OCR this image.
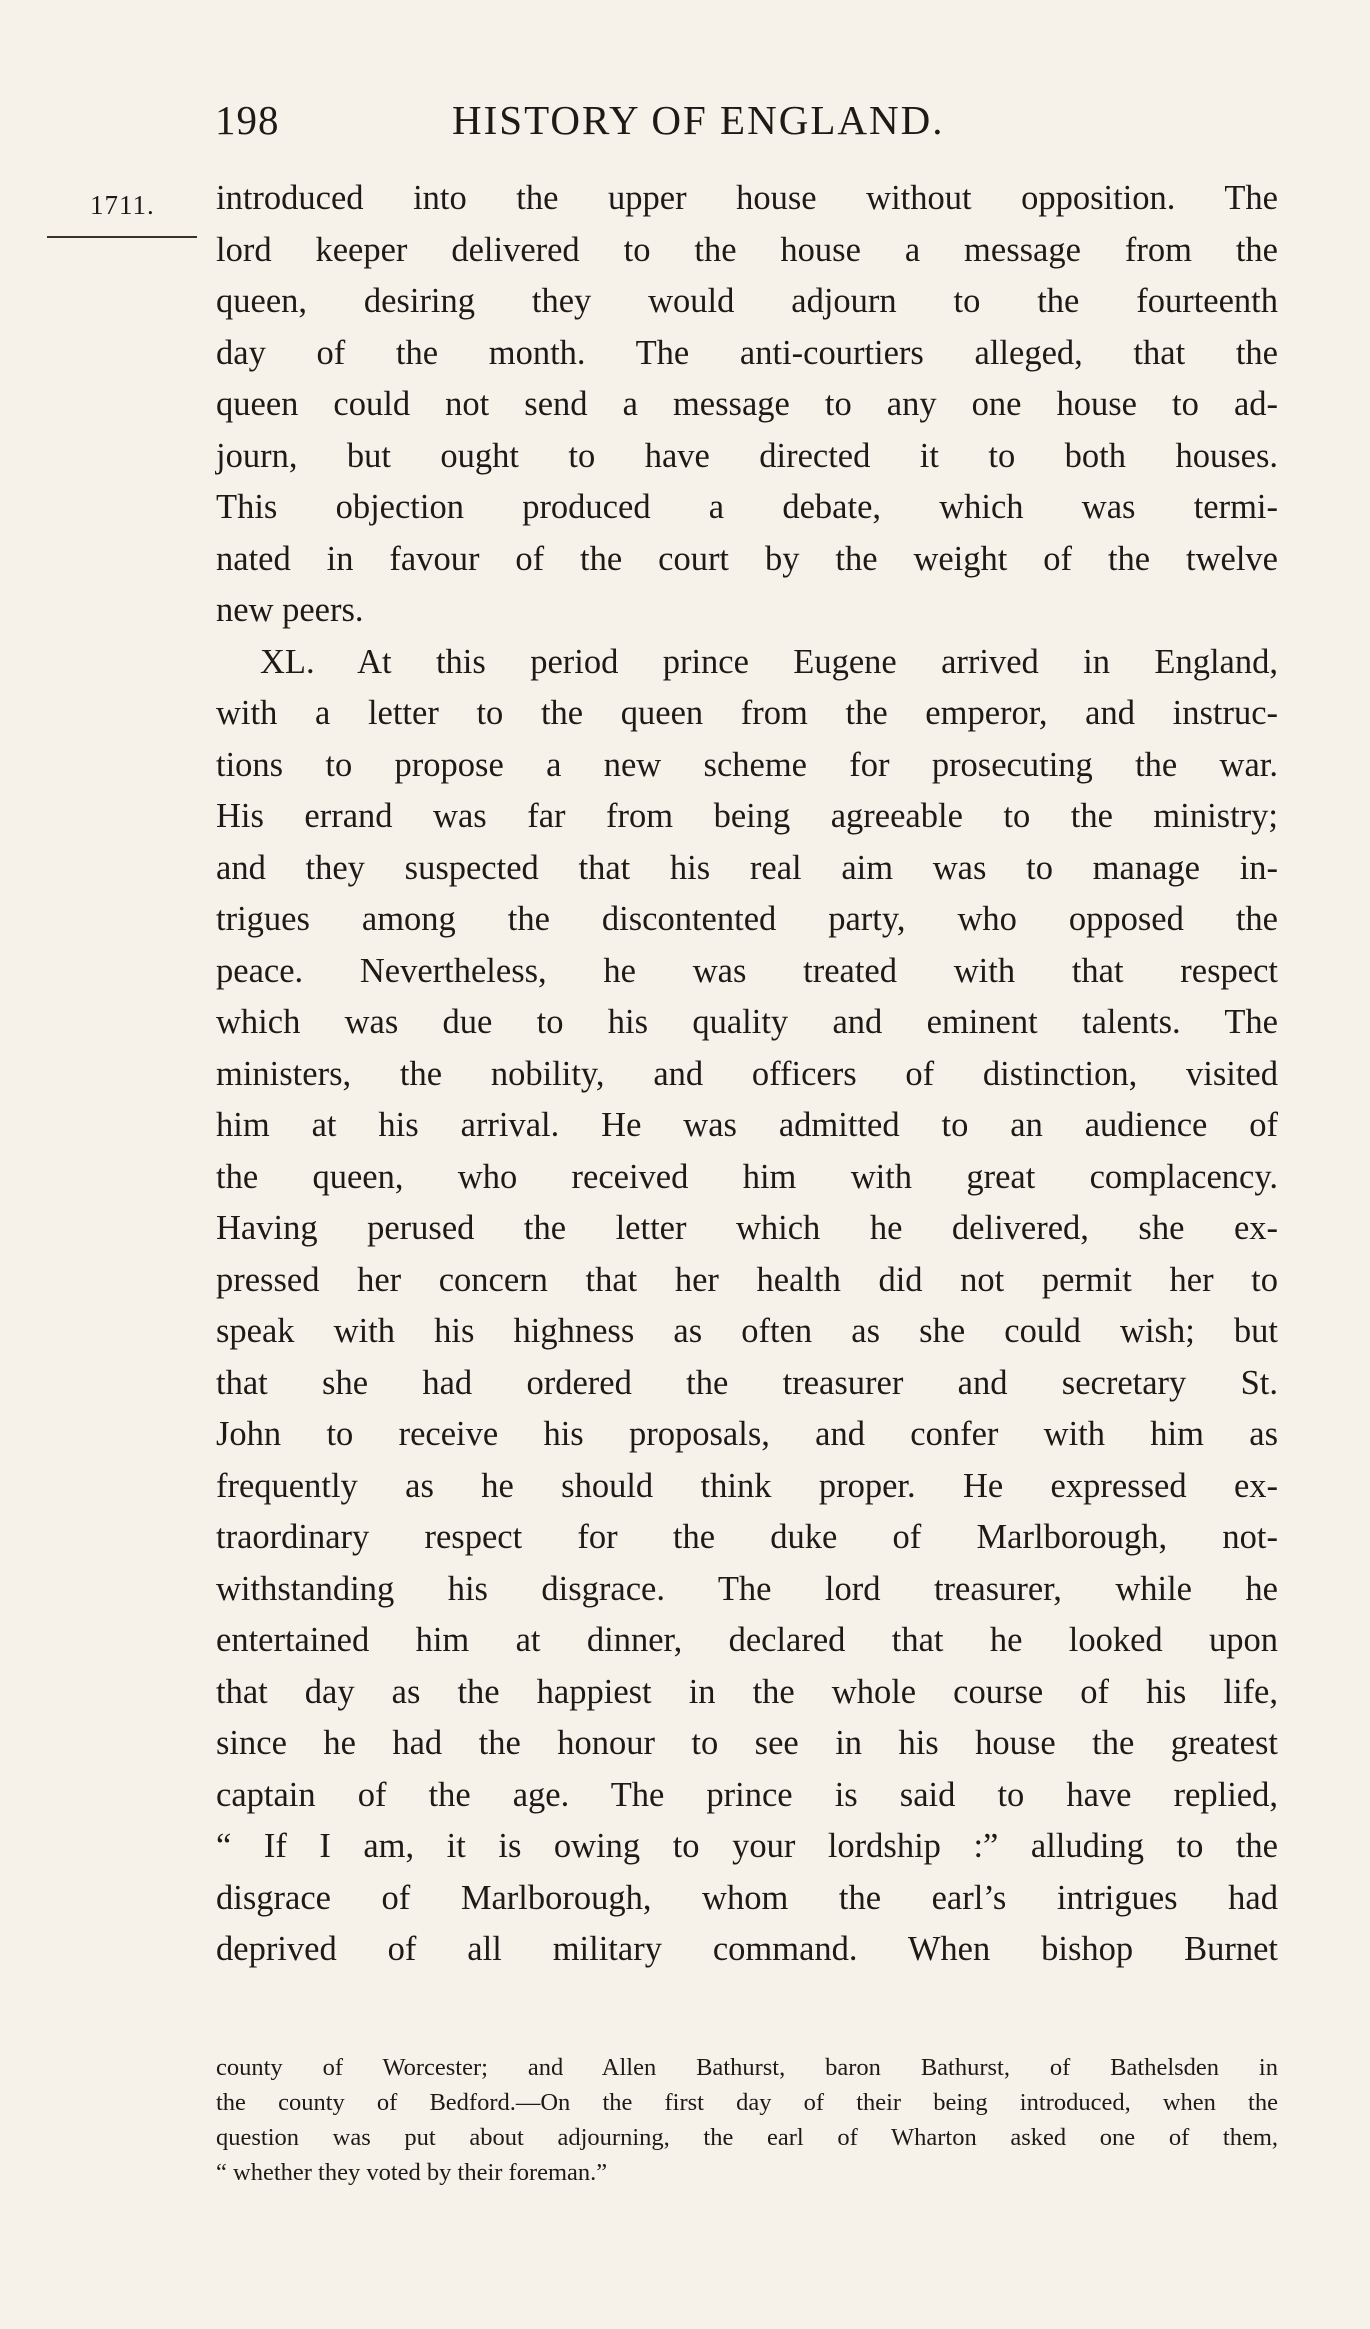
198	HISTORY OF ENGLAND.
1711. introduced into the upper house without opposition. The
lord keeper delivered to the house a message from the
queen, desiring they would adjourn to the fourteenth
day of the month. The anti-courtiers alleged, that the
queen could not send a message to any one house to ad-
journ, but ought to have directed it to both houses.
This objection produced a debate, which was termi-
nated in favour of the court by the weight of the twelve
new peers.
XL. At this period prince Eugene arrived in England,
with a letter to the queen from the emperor, and instruc-
tions to propose a new scheme for prosecuting the war.
His errand was far from being agreeable to the ministry;
and they suspected that his real aim was to manage in-
trigues among the discontented party, who opposed the
peace. Nevertheless, he was treated with that respect
which was due to his quality and eminent talents. The
ministers, the nobility, and officers of distinction, visited
him at his arrival. He was admitted to an audience of
the queen, who received him with great complacency.
Having perused the letter which he delivered, she ex-
pressed her concern that her health did not permit her to
speak with his highness as often as she could wish; but
that she had ordered the treasurer and secretary St.
John to receive his proposals, and confer with him as
frequently as he should think proper. He expressed ex-
traordinary respect for the duke of Marlborough, not-
withstanding his disgrace. The lord treasurer, while he
entertained him at dinner, declared that he looked upon
that day as the happiest in the whole course of his life,
since he had the honour to see in his house the greatest
captain of the age. The prince is said to have replied,
“ If I am, it is owing to your lordship :” alluding to the
disgrace of Marlborough, whom the earl’s intrigues had
deprived of all military command. When bishop Burnet
county of Worcester; and Allen Bathurst, baron Bathurst, of Bathelsden in
the county of Bedford.—On the first day of their being introduced, when the
question was put about adjourning, the earl of Wharton asked one of them,
“ whether they voted by their foreman.”
